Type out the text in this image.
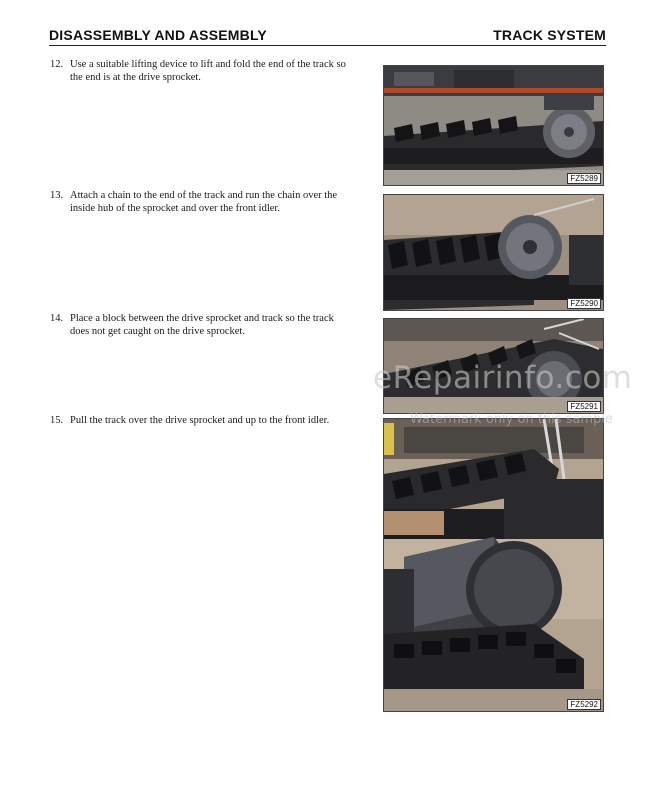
DISASSEMBLY AND ASSEMBLY	TRACK SYSTEM
12. Use a suitable lifting device to lift and fold the end of the track so
the end is at the drive sprocket.
13. Attach a chain to the end of the track and run the chain over the
inside hub of the sprocket and over the front idler.
14. Place a block between the drive sprocket and track so the track
does not get caught on the drive sprocket.
15. Pull the track over the drive sprocket and up to the front idler.
FZ5289
FZ5290
FZ5291
FZ5292
eRepairinfo.com
Watermark only on this sample
